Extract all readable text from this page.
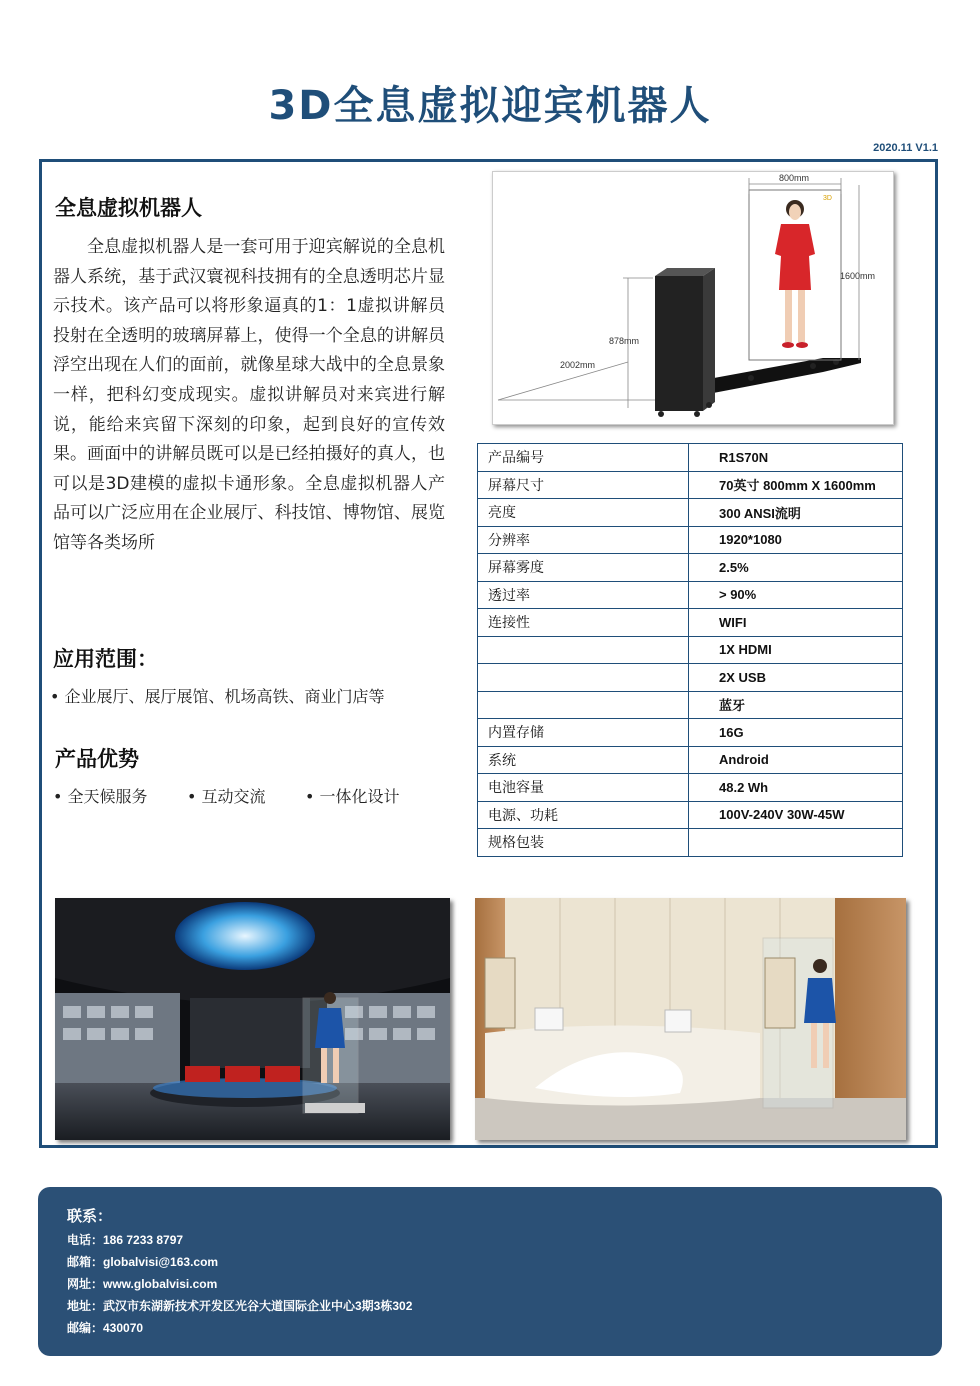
3D全息虚拟迎宾机器人
2020.11 V1.1
全息虚拟机器人
全息虚拟机器人是一套可用于迎宾解说的全息机器人系统，基于武汉寰视科技拥有的全息透明芯片显示技术。该产品可以将形象逼真的1：1虚拟讲解员投射在全透明的玻璃屏幕上，使得一个全息的讲解员浮空出现在人们的面前，就像星球大战中的全息景象一样，把科幻变成现实。虚拟讲解员对来宾进行解说，能给来宾留下深刻的印象，起到良好的宣传效果。画面中的讲解员既可以是已经拍摄好的真人，也可以是3D建模的虚拟卡通形象。全息虚拟机器人产品可以广泛应用在企业展厅、科技馆、博物馆、展览馆等各类场所
应用范围：
• 企业展厅、展厅展馆、机场高铁、商业门店等
产品优势
• 全天候服务 • 互动交流 • 一体化设计
3D
800mm
1600mm
878mm
2002mm
产品编号	R1S70N
屏幕尺寸	70英寸 800mm X 1600mm
亮度	300 ANSI流明
分辨率	1920*1080
屏幕雾度	2.5%
透过率	> 90%
连接性	WIFI
	1X HDMI
	2X USB
	蓝牙
内置存储	16G
系统	Android
电池容量	48.2 Wh
电源、功耗	100V-240V 30W-45W
规格包装	
联系：
电话：186 7233 8797
邮箱：globalvisi@163.com
网址：www.globalvisi.com
地址：武汉市东湖新技术开发区光谷大道国际企业中心3期3栋302
邮编：430070
